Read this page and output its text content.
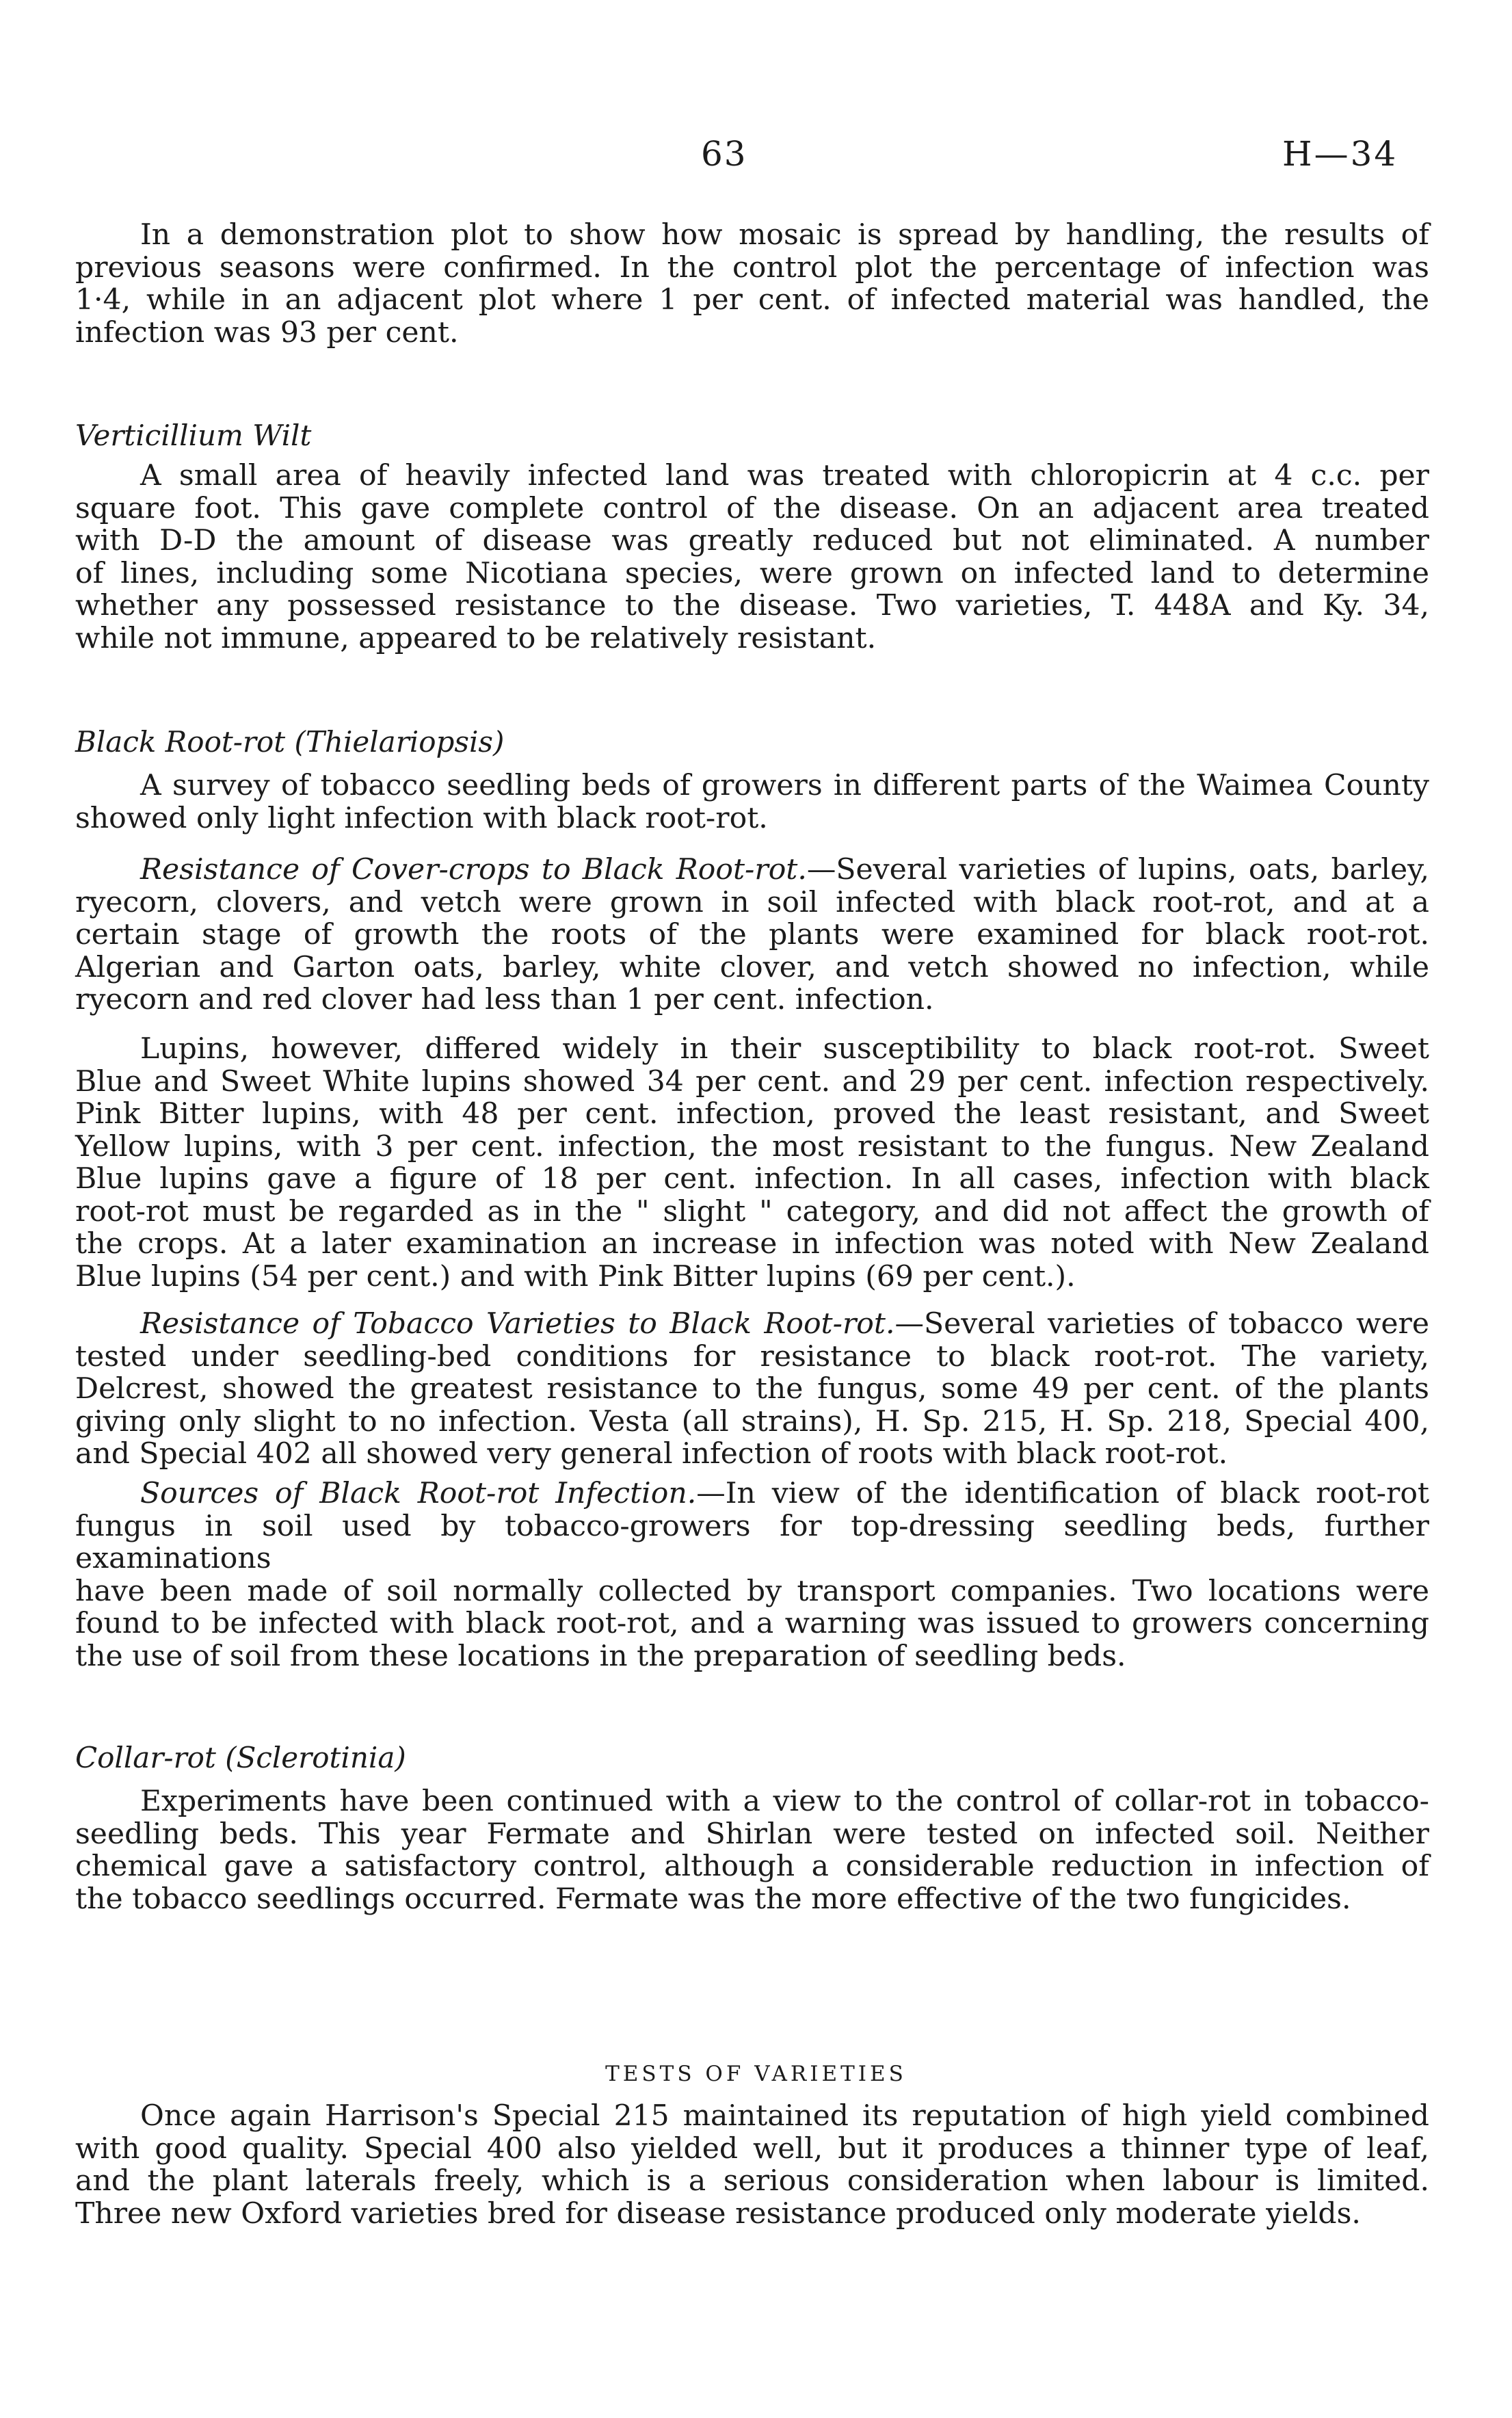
63	H—34

In a demonstration plot to show how mosaic is spread by handling, the results of

previous seasons were confirmed. In the control plot the percentage of infection was

1·4, while in an adjacent plot where 1 per cent. of infected material was handled, the

infection was 93 per cent.

Verticillium Wilt

A small area of heavily infected land was treated with chloropicrin at 4 c.c. per

square foot. This gave complete control of the disease. On an adjacent area treated

with D-D the amount of disease was greatly reduced but not eliminated. A number

of lines, including some Nicotiana species, were grown on infected land to determine

whether any possessed resistance to the disease. Two varieties, T. 448A and Ky. 34,

while not immune, appeared to be relatively resistant.

Black Root-rot (Thielariopsis)

A survey of tobacco seedling beds of growers in different parts of the Waimea County

showed only light infection with black root-rot.

Resistance of Cover-crops to Black Root-rot.—Several varieties of lupins, oats, barley,

ryecorn, clovers, and vetch were grown in soil infected with black root-rot, and at a

certain stage of growth the roots of the plants were examined for black root-rot.

Algerian and Garton oats, barley, white clover, and vetch showed no infection, while

ryecorn and red clover had less than 1 per cent. infection.

Lupins, however, differed widely in their susceptibility to black root-rot. Sweet

Blue and Sweet White lupins showed 34 per cent. and 29 per cent. infection respectively.

Pink Bitter lupins, with 48 per cent. infection, proved the least resistant, and Sweet

Yellow lupins, with 3 per cent. infection, the most resistant to the fungus. New Zealand

Blue lupins gave a figure of 18 per cent. infection. In all cases, infection with black

root-rot must be regarded as in the " slight " category, and did not affect the growth of

the crops. At a later examination an increase in infection was noted with New Zealand

Blue lupins (54 per cent.) and with Pink Bitter lupins (69 per cent.).

Resistance of Tobacco Varieties to Black Root-rot.—Several varieties of tobacco were

tested under seedling-bed conditions for resistance to black root-rot. The variety,

Delcrest, showed the greatest resistance to the fungus, some 49 per cent. of the plants

giving only slight to no infection. Vesta (all strains), H. Sp. 215, H. Sp. 218, Special 400,

and Special 402 all showed very general infection of roots with black root-rot.

Sources of Black Root-rot Infection.—In view of the identification of black root-rot

fungus in soil used by tobacco-growers for top-dressing seedling beds, further examinations

have been made of soil normally collected by transport companies. Two locations were

found to be infected with black root-rot, and a warning was issued to growers concerning

the use of soil from these locations in the preparation of seedling beds.

Collar-rot (Sclerotinia)

Experiments have been continued with a view to the control of collar-rot in tobacco-

seedling beds. This year Fermate and Shirlan were tested on infected soil. Neither

chemical gave a satisfactory control, although a considerable reduction in infection of

the tobacco seedlings occurred. Fermate was the more effective of the two fungicides.

TESTS OF VARIETIES

Once again Harrison's Special 215 maintained its reputation of high yield combined

with good quality. Special 400 also yielded well, but it produces a thinner type of leaf,

and the plant laterals freely, which is a serious consideration when labour is limited.

Three new Oxford varieties bred for disease resistance produced only moderate yields.
